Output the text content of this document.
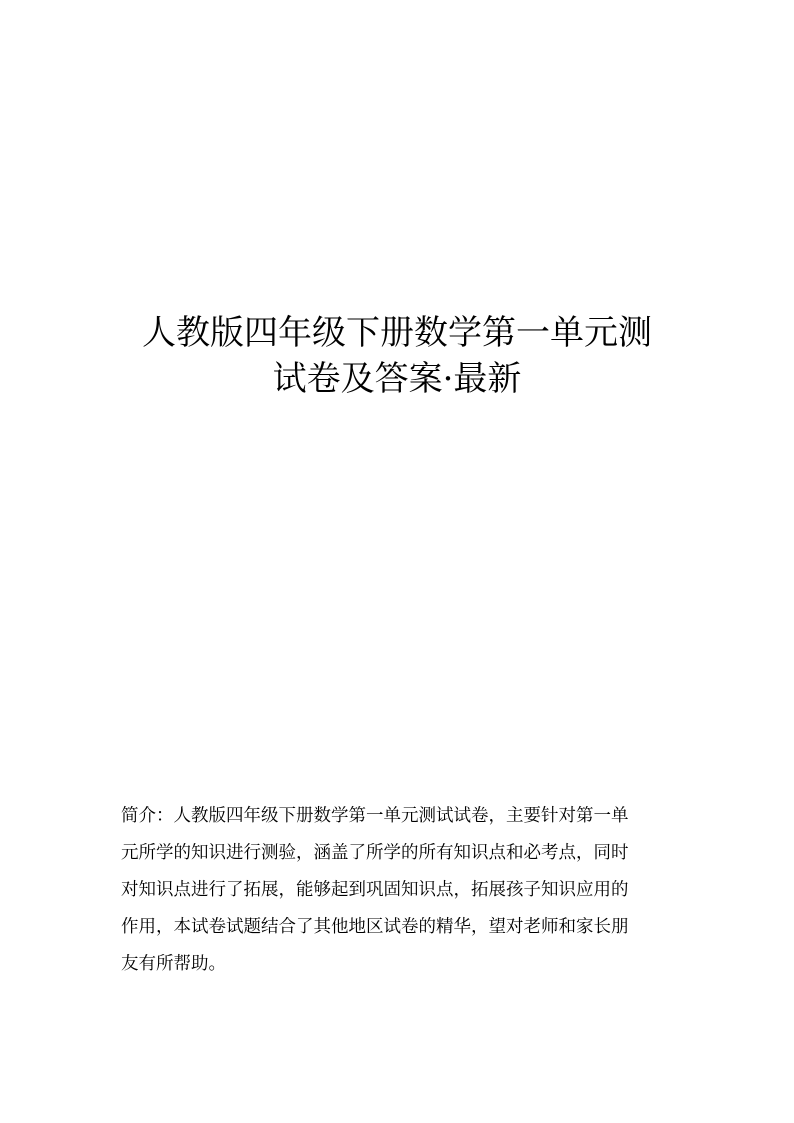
人教版四年级下册数学第一单元测
试卷及答案·最新
简介：人教版四年级下册数学第一单元测试试卷，主要针对第一单
元所学的知识进行测验，涵盖了所学的所有知识点和必考点，同时
对知识点进行了拓展，能够起到巩固知识点，拓展孩子知识应用的
作用，本试卷试题结合了其他地区试卷的精华，望对老师和家长朋
友有所帮助。
